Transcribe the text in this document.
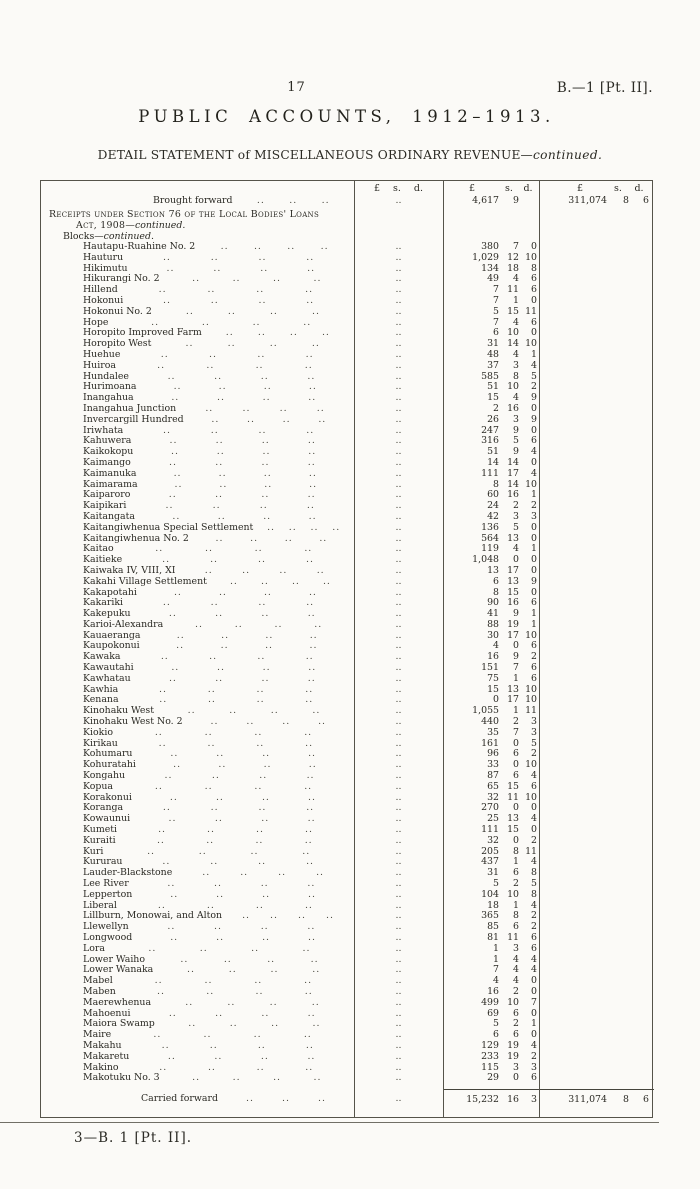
17	B.—1 [Pt. II].
PUBLIC ACCOUNTS, 1912–1913.
DETAIL STATEMENT of MISCELLANEOUS ORDINARY REVENUE—continued.
£ s. d.	£	s.	d.	£	s.	d.
Brought forward	..	..	..	..	4,617	9	311,074	8	6
Receipts under Section 76 of the Local Bodies' Loans
Act, 1908— continued.
Blocks— continued.
Hautapu-Ruahine No. 2	..	..	..	..	..	380	7	0
Hauturu	..	..	..	..	..	1,029 12 10
Hikimutu	..	..	..	..	..	134 18	8
Hikurangi No. 2	..	..	..	..	..	49	4	6
Hillend	..	..	..	..	..	7 11	6
Hokonui	..	..	..	..	..	7	1	0
Hokonui No. 2	..	..	..	..	..	5 15 11
Hope	..	..	..	..	..	7	4	6
Horopito Improved Farm	..	..	..	..	..	6 10	0
Horopito West	..	..	..	..	..	31 14 10
Huehue	..	..	..	..	..	48	4	1
Huiroa	..	..	..	..	..	37	3	4
Hundalee	..	..	..	..	..	585	8	5
Hurimoana	..	..	..	..	..	51 10	2
Inangahua	..	..	..	..	..	15	4	9
Inangahua Junction	..	..	..	..	..	2 16	0
Invercargill Hundred	..	..	..	..	..	26	3	9
Iriwhata	..	..	..	..	..	247	9	0
Kahuwera	..	..	..	..	..	316	5	6
Kaikokopu	..	..	..	..	..	51	9	4
Kaimango	..	..	..	..	..	14 14	0
Kaimanuka	..	..	..	..	..	111 17	4
Kaimarama	..	..	..	..	..	8 14 10
Kaiparoro	..	..	..	..	..	60 16	1
Kaipikari	..	..	..	..	..	24	2	2
Kaitangata	..	..	..	..	..	42	3	3
Kaitangiwhenua Special Settlement .. .. .. ..	..	136	5	0
Kaitangiwhenua No. 2	..	..	..	..	..	564 13	0
Kaitao	..	..	..	..	..	119	4	1
Kaitieke	..	..	..	..	..	1,048	0	0
Kaiwaka IV, VIII, XI	..	..	..	..	..	13 17	0
Kakahi Village Settlement .. .. .. ..	..	6 13	9
Kakapotahi	..	..	..	..	..	8 15	0
Kakariki	..	..	..	..	..	90 16	6
Kakepuku	..	..	..	..	..	41	9	1
Karioi-Alexandra	..	..	..	..	..	88 19	1
Kauaeranga	..	..	..	..	..	30 17 10
Kaupokonui	..	..	..	..	..	4	0	6
Kawaka	..	..	..	..	..	16	9	2
Kawautahi	..	..	..	..	..	151	7	6
Kawhatau	..	..	..	..	..	75	1	6
Kawhia	..	..	..	..	..	15 13 10
Kenana	..	..	..	..	..	0 17 10
Kinohaku West	..	..	..	..	..	1,055	1 11
Kinohaku West No. 2	..	..	..	..	..	440	2	3
Kiokio	..	..	..	..	..	35	7	3
Kirikau	..	..	..	..	..	161	0	5
Kohumaru	..	..	..	..	..	96	6	2
Kohuratahi	..	..	..	..	..	33	0 10
Kongahu	..	..	..	..	..	87	6	4
Kopua	..	..	..	..	..	65 15	6
Korakonui	..	..	..	..	..	32 11 10
Koranga	..	..	..	..	..	270	0	0
Kowaunui	..	..	..	..	..	25 13	4
Kumeti	..	..	..	..	..	111 15	0
Kuraiti	..	..	..	..	..	32	0	2
Kuri	..	..	..	..	..	205	8 11
Kururau	..	..	..	..	..	437	1	4
Lauder-Blackstone	..	..	..	..	..	31	6	8
Lee River	..	..	..	..	..	5	2	5
Lepperton	..	..	..	..	..	104 10	8
Liberal	..	..	..	..	..	18	1	4
Lillburn, Monowai, and Alton .. .. .. ..	..	365	8	2
Llewellyn	..	..	..	..	..	85	6	2
Longwood	..	..	..	..	..	81 11	6
Lora	..	..	..	..	..	1	3	6
Lower Waiho	..	..	..	..	..	1	4	4
Lower Wanaka	..	..	..	..	..	7	4	4
Mabel	..	..	..	..	..	4	4	0
Maben	..	..	..	..	..	16	2	0
Maerewhenua	..	..	..	..	..	499 10	7
Mahoenui	..	..	..	..	..	69	6	0
Maiora Swamp	..	..	..	..	..	5	2	1
Maire	..	..	..	..	..	6	6	0
Makahu	..	..	..	..	..	129 19	4
Makaretu	..	..	..	..	..	233 19	2
Makino	..	..	..	..	..	115	3	3
Makotuku No. 3	..	..	..	..	..	29	0	6
Carried forward	..	..	..	..	15,232 16	3	311,074	8	6
3—B. 1 [Pt. II].
